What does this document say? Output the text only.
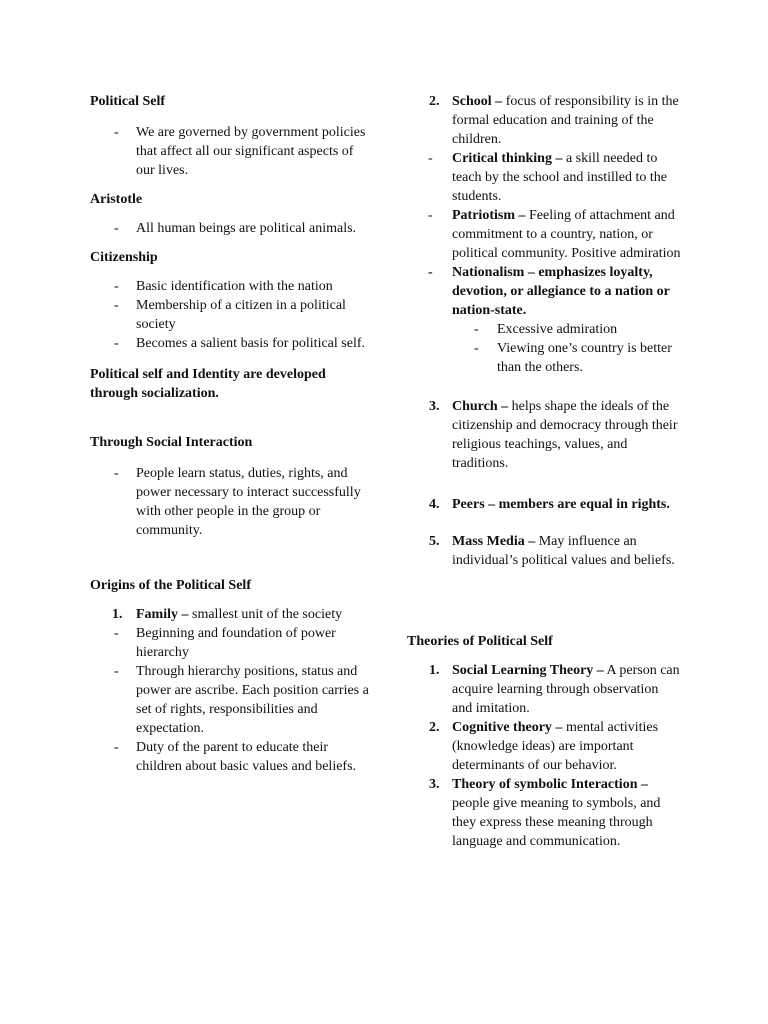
Political Self

- We are governed by government policies that affect all our significant aspects of our lives.

Aristotle

- All human beings are political animals.

Citizenship

- Basic identification with the nation
- Membership of a citizen in a political society
- Becomes a salient basis for political self.

Political self and Identity are developed through socialization.

Through Social Interaction

- People learn status, duties, rights, and power necessary to interact successfully with other people in the group or community.

Origins of the Political Self

1. Family – smallest unit of the society
- Beginning and foundation of power hierarchy
- Through hierarchy positions, status and power are ascribe. Each position carries a set of rights, responsibilities and expectation.
- Duty of the parent to educate their children about basic values and beliefs.
2. School – focus of responsibility is in the formal education and training of the children.
- Critical thinking – a skill needed to teach by the school and instilled to the students.
- Patriotism – Feeling of attachment and commitment to a country, nation, or political community. Positive admiration
- Nationalism – emphasizes loyalty, devotion, or allegiance to a nation or nation-state.
- Excessive admiration
- Viewing one’s country is better than the others.
3. Church – helps shape the ideals of the citizenship and democracy through their religious teachings, values, and traditions.
4. Peers – members are equal in rights.
5. Mass Media – May influence an individual’s political values and beliefs.

Theories of Political Self

1. Social Learning Theory – A person can acquire learning through observation and imitation.
2. Cognitive theory – mental activities (knowledge ideas) are important determinants of our behavior.
3. Theory of symbolic Interaction – people give meaning to symbols, and they express these meaning through language and communication.
